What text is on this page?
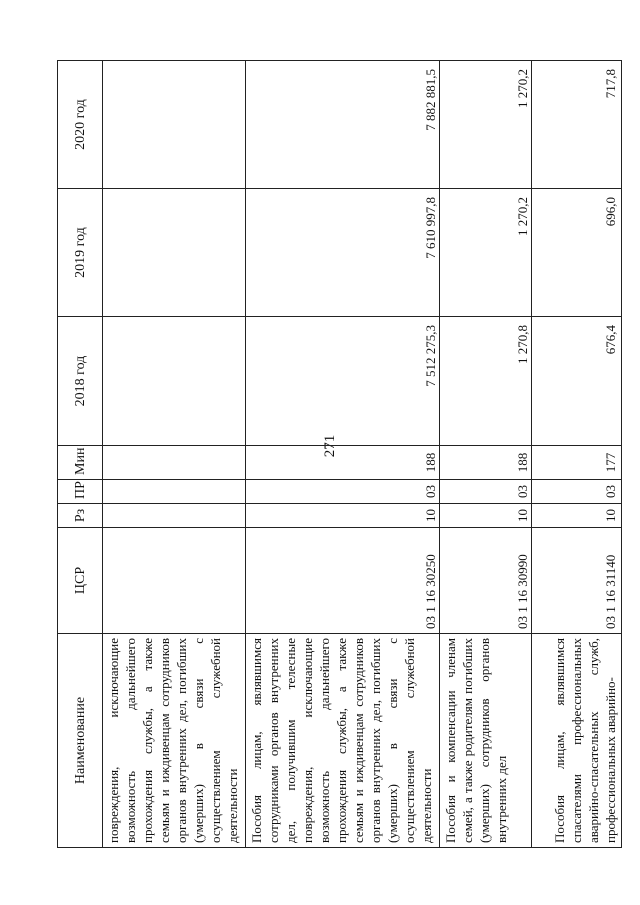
271
Наименование	ЦСР	Рз	ПР	Мин	2018 год	2019 год	2020 год
повреждения, исключающие возможность дальнейшего прохождения службы, а также семьям и иждивенцам сотрудников органов внутренних дел, погибших (умерших) в связи с осуществлением служебной деятельности							
Пособия лицам, являвшимся сотрудниками органов внутренних дел, получившим телесные повреждения, исключающие возможность дальнейшего прохождения службы, а также семьям и иждивенцам сотрудников органов внутренних дел, погибших (умерших) в связи с осуществлением служебной деятельности	03 1 16 30250	10	03	188	7 512 275,3	7 610 997,8	7 882 881,5
Пособия и компенсации членам семей, а также родителям погибших (умерших) сотрудников органов внутренних дел	03 1 16 30990	10	03	188	1 270,8	1 270,2	1 270,2
Пособия лицам, являвшимся спасателями профессиональных аварийно-спасательных служб, профессиональных аварийно-	03 1 16 31140	10	03	177	676,4	696,0	717,8
